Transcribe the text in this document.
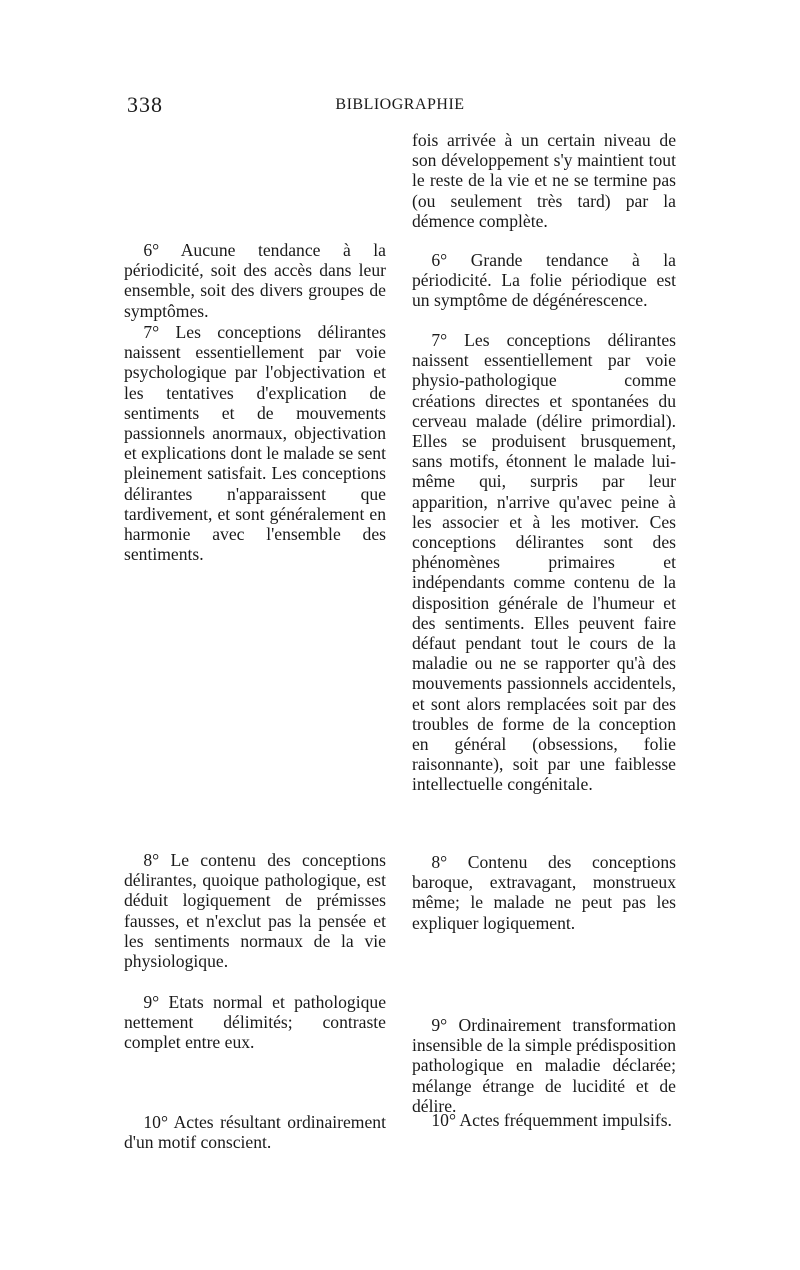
338	BIBLIOGRAPHIE
6° Aucune tendance à la périodicité, soit des accès dans leur ensemble, soit des divers groupes de symptômes.
7° Les conceptions délirantes naissent essentiellement par voie psychologique par l'objectivation et les tentatives d'explication de sentiments et de mouvements passionnels anormaux, objectivation et explications dont le malade se sent pleinement satisfait. Les conceptions délirantes n'apparaissent que tardivement, et sont généralement en harmonie avec l'ensemble des sentiments.
8° Le contenu des conceptions délirantes, quoique pathologique, est déduit logiquement de prémisses fausses, et n'exclut pas la pensée et les sentiments normaux de la vie physiologique.
9° Etats normal et pathologique nettement délimités; contraste complet entre eux.
10° Actes résultant ordinairement d'un motif conscient.
fois arrivée à un certain niveau de son développement s'y maintient tout le reste de la vie et ne se termine pas (ou seulement très tard) par la démence complète.
6° Grande tendance à la périodicité. La folie périodique est un symptôme de dégénérescence.
7° Les conceptions délirantes naissent essentiellement par voie physio-pathologique comme créations directes et spontanées du cerveau malade (délire primordial). Elles se produisent brusquement, sans motifs, étonnent le malade lui-même qui, surpris par leur apparition, n'arrive qu'avec peine à les associer et à les motiver. Ces conceptions délirantes sont des phénomènes primaires et indépendants comme contenu de la disposition générale de l'humeur et des sentiments. Elles peuvent faire défaut pendant tout le cours de la maladie ou ne se rapporter qu'à des mouvements passionnels accidentels, et sont alors remplacées soit par des troubles de forme de la conception en général (obsessions, folie raisonnante), soit par une faiblesse intellectuelle congénitale.
8° Contenu des conceptions baroque, extravagant, monstrueux même; le malade ne peut pas les expliquer logiquement.
9° Ordinairement transformation insensible de la simple prédisposition pathologique en maladie déclarée; mélange étrange de lucidité et de délire.
10° Actes fréquemment impulsifs.
